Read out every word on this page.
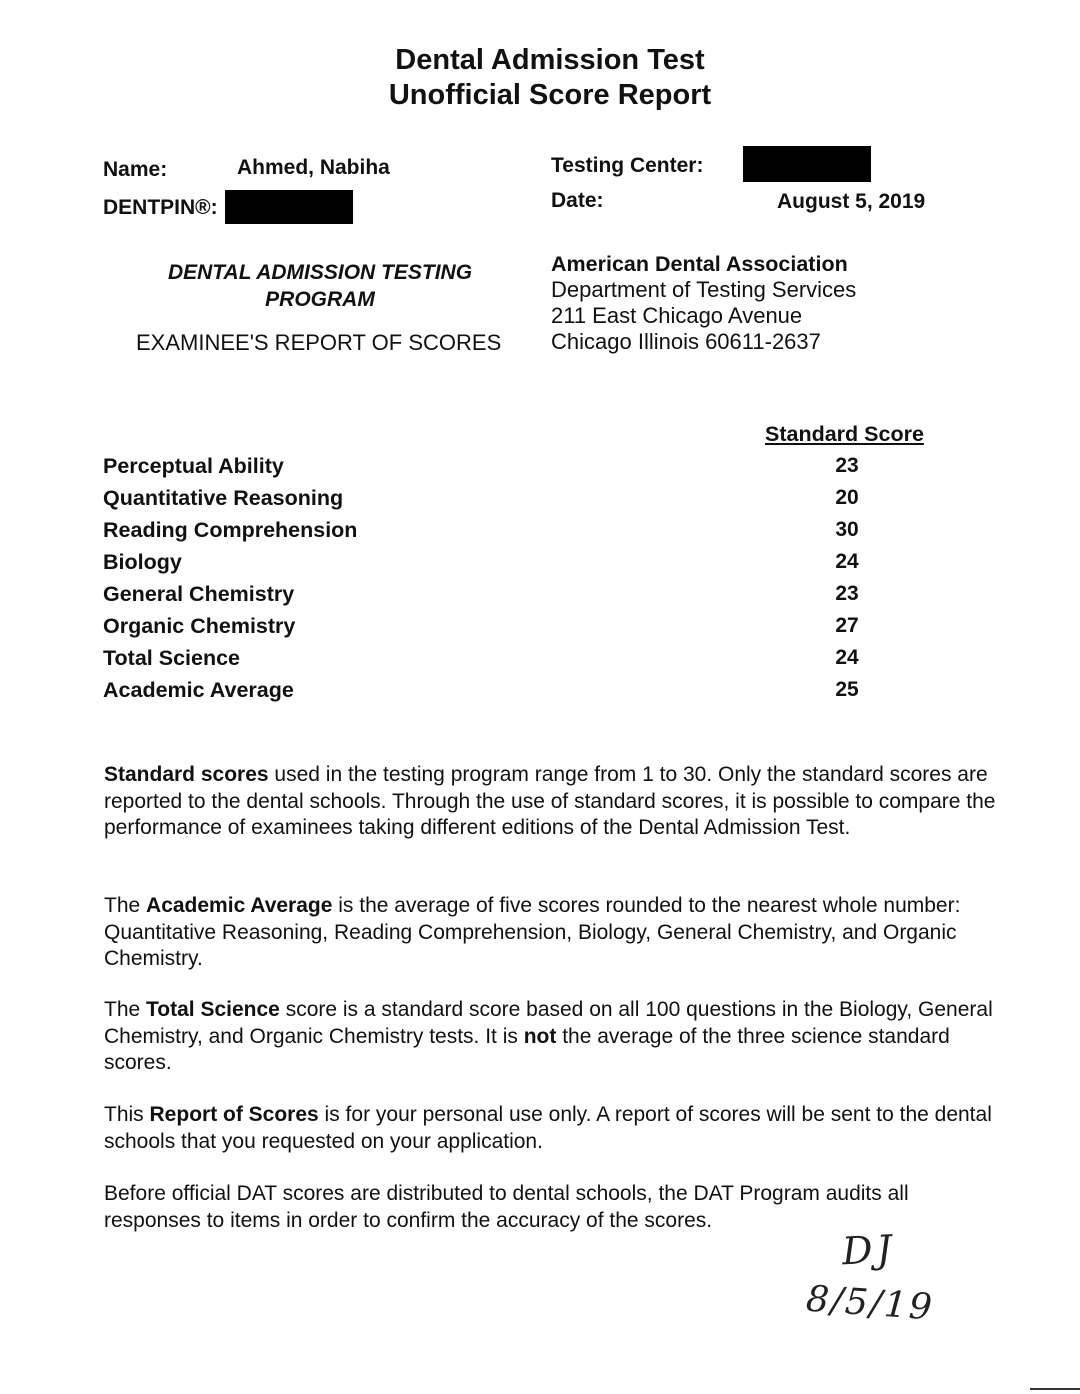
Dental Admission Test
Unofficial Score Report
Name:	Ahmed, Nabiha
DENTPIN®:
Testing Center:
Date:	August 5, 2019
DENTAL ADMISSION TESTING
PROGRAM
EXAMINEE'S REPORT OF SCORES
American Dental Association
Department of Testing Services
211 East Chicago Avenue
Chicago Illinois 60611-2637
Standard Score
Perceptual Ability	23
Quantitative Reasoning	20
Reading Comprehension	30
Biology	24
General Chemistry	23
Organic Chemistry	27
Total Science	24
Academic Average	25
Standard scores used in the testing program range from 1 to 30. Only the standard scores are reported to the dental schools. Through the use of standard scores, it is possible to compare the performance of examinees taking different editions of the Dental Admission Test.
The Academic Average is the average of five scores rounded to the nearest whole number: Quantitative Reasoning, Reading Comprehension, Biology, General Chemistry, and Organic Chemistry.
The Total Science score is a standard score based on all 100 questions in the Biology, General Chemistry, and Organic Chemistry tests. It is not the average of the three science standard scores.
This Report of Scores is for your personal use only. A report of scores will be sent to the dental schools that you requested on your application.
Before official DAT scores are distributed to dental schools, the DAT Program audits all responses to items in order to confirm the accuracy of the scores.
DJ
8/5/19
